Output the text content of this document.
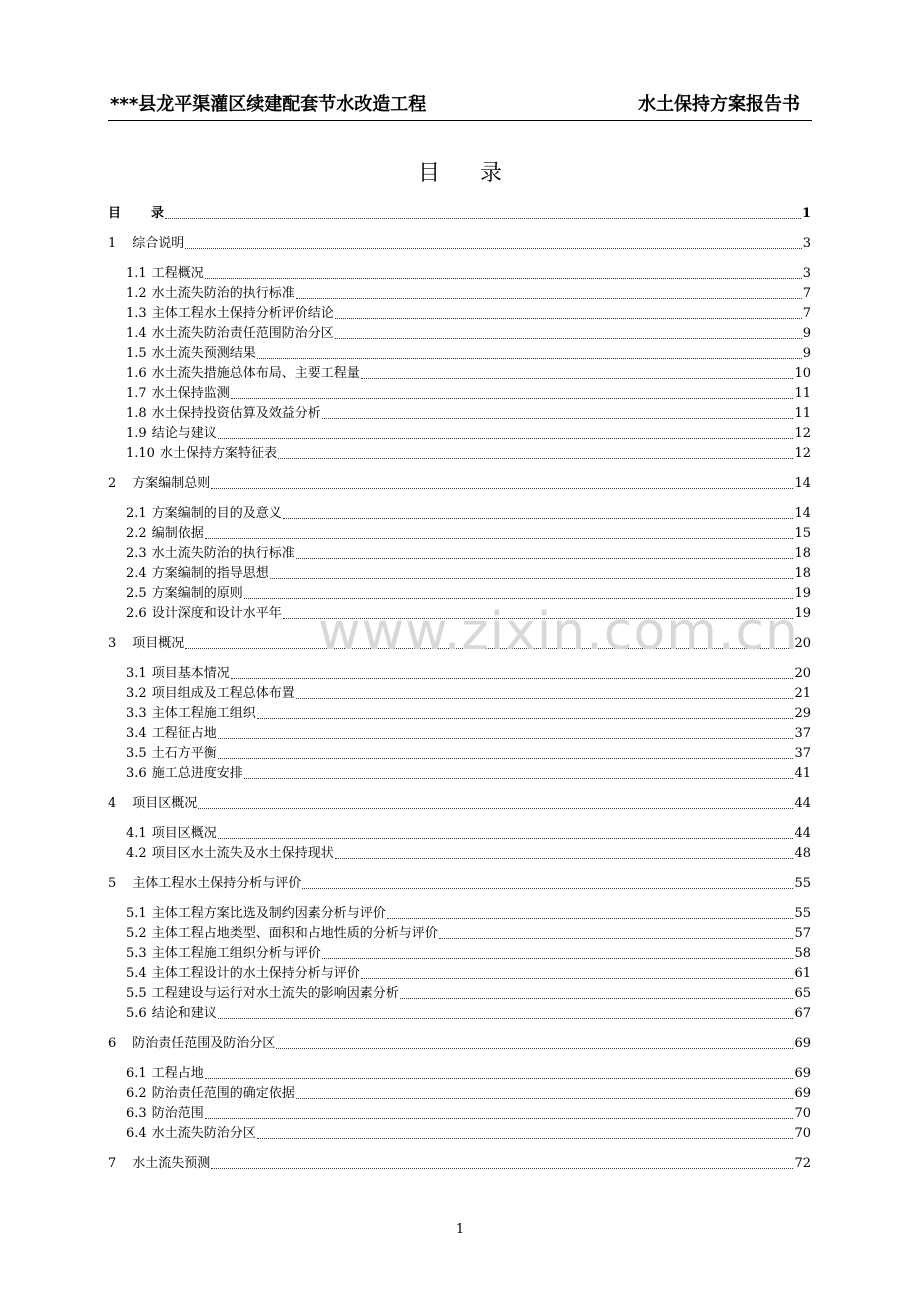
***县龙平渠灌区续建配套节水改造工程	水土保持方案报告书
目录
目 录	1
1 综合说明	3
1.1 工程概况	3
1.2 水土流失防治的执行标准	7
1.3 主体工程水土保持分析评价结论	7
1.4 水土流失防治责任范围防治分区	9
1.5 水土流失预测结果	9
1.6 水土流失措施总体布局、主要工程量	10
1.7 水土保持监测	11
1.8 水土保持投资估算及效益分析	11
1.9 结论与建议	12
1.10 水土保持方案特征表	12
2 方案编制总则	14
2.1 方案编制的目的及意义	14
2.2 编制依据	15
2.3 水土流失防治的执行标准	18
2.4 方案编制的指导思想	18
2.5 方案编制的原则	19
2.6 设计深度和设计水平年	19
3 项目概况	20
3.1 项目基本情况	20
3.2 项目组成及工程总体布置	21
3.3 主体工程施工组织	29
3.4 工程征占地	37
3.5 土石方平衡	37
3.6 施工总进度安排	41
4 项目区概况	44
4.1 项目区概况	44
4.2 项目区水土流失及水土保持现状	48
5 主体工程水土保持分析与评价	55
5.1 主体工程方案比选及制约因素分析与评价	55
5.2 主体工程占地类型、面积和占地性质的分析与评价	57
5.3 主体工程施工组织分析与评价	58
5.4 主体工程设计的水土保持分析与评价	61
5.5 工程建设与运行对水土流失的影响因素分析	65
5.6 结论和建议	67
6 防治责任范围及防治分区	69
6.1 工程占地	69
6.2 防治责任范围的确定依据	69
6.3 防治范围	70
6.4 水土流失防治分区	70
7 水土流失预测	72
www.zixin.com.cn
1
